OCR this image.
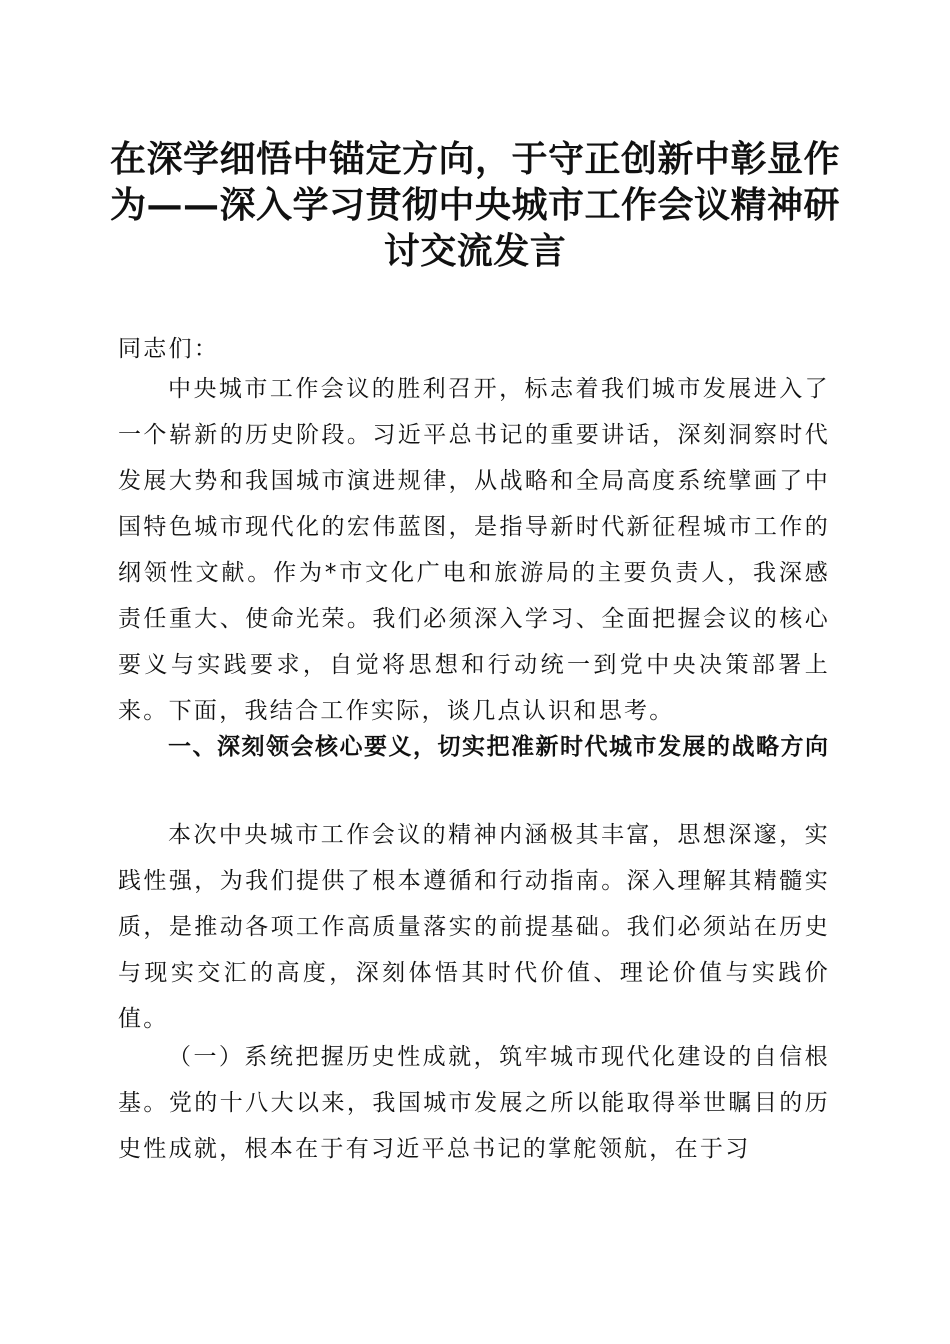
在深学细悟中锚定方向，于守正创新中彰显作为——深入学习贯彻中央城市工作会议精神研讨交流发言

同志们：

中央城市工作会议的胜利召开，标志着我们城市发展进入了一个崭新的历史阶段。习近平总书记的重要讲话，深刻洞察时代发展大势和我国城市演进规律，从战略和全局高度系统擘画了中国特色城市现代化的宏伟蓝图，是指导新时代新征程城市工作的纲领性文献。作为*市文化广电和旅游局的主要负责人，我深感责任重大、使命光荣。我们必须深入学习、全面把握会议的核心要义与实践要求，自觉将思想和行动统一到党中央决策部署上来。下面，我结合工作实际，谈几点认识和思考。

一、深刻领会核心要义，切实把准新时代城市发展的战略方向

本次中央城市工作会议的精神内涵极其丰富，思想深邃，实践性强，为我们提供了根本遵循和行动指南。深入理解其精髓实质，是推动各项工作高质量落实的前提基础。我们必须站在历史与现实交汇的高度，深刻体悟其时代价值、理论价值与实践价值。

（一）系统把握历史性成就，筑牢城市现代化建设的自信根基。党的十八大以来，我国城市发展之所以能取得举世瞩目的历史性成就，根本在于有习近平总书记的掌舵领航，在于习
